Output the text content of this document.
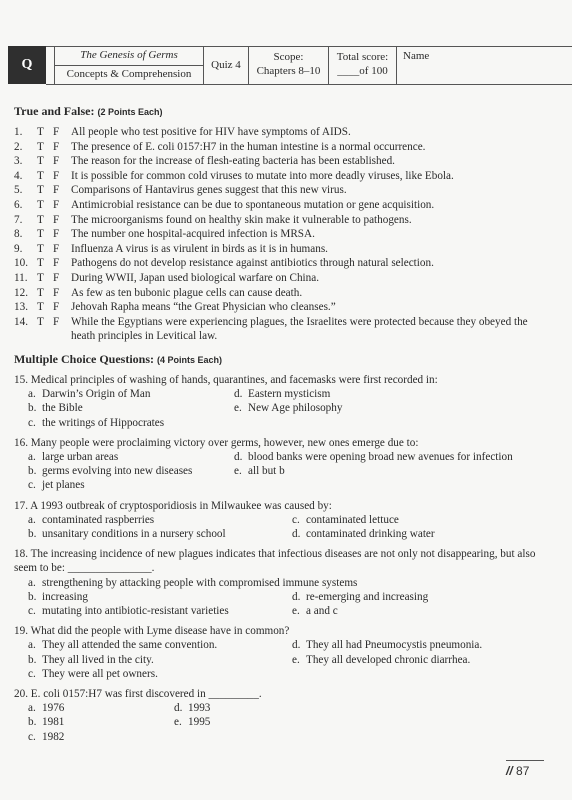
Q
The Genesis of Germs
Concepts & Comprehension
Quiz 4
Scope:
Chapters 8–10
Total score:
____of 100
Name
True and False: (2 Points Each)
1.	T F	All people who test positive for HIV have symptoms of AIDS.
2.	T F	The presence of E. coli 0157:H7 in the human intestine is a normal occurrence.
3.	T F	The reason for the increase of flesh-eating bacteria has been established.
4.	T F	It is possible for common cold viruses to mutate into more deadly viruses, like Ebola.
5.	T F	Comparisons of Hantavirus genes suggest that this new virus.
6.	T F	Antimicrobial resistance can be due to spontaneous mutation or gene acquisition.
7.	T F	The microorganisms found on healthy skin make it vulnerable to pathogens.
8.	T F	The number one hospital-acquired infection is MRSA.
9.	T F	Influenza A virus is as virulent in birds as it is in humans.
10. T F	Pathogens do not develop resistance against antibiotics through natural selection.
11. T F	During WWII, Japan used biological warfare on China.
12. T F	As few as ten bubonic plague cells can cause death.
13. T F	Jehovah Rapha means “the Great Physician who cleanses.”
14. T F	While the Egyptians were experiencing plagues, the Israelites were protected because they obeyed the heath principles in Levitical law.
Multiple Choice Questions: (4 Points Each)
15. Medical principles of washing of hands, quarantines, and facemasks were first recorded in:
a. Darwin’s Origin of Man	d. Eastern mysticism
b. the Bible	e. New Age philosophy
c. the writings of Hippocrates
16. Many people were proclaiming victory over germs, however, new ones emerge due to:
a. large urban areas	d. blood banks were opening broad new avenues for infection
b. germs evolving into new diseases	e. all but b
c. jet planes
17. A 1993 outbreak of cryptosporidiosis in Milwaukee was caused by:
a. contaminated raspberries	c. contaminated lettuce
b. unsanitary conditions in a nursery school	d. contaminated drinking water
18. The increasing incidence of new plagues indicates that infectious diseases are not only not disappearing, but also seem to be: _______________.
a. strengthening by attacking people with compromised immune systems
b. increasing	d. re-emerging and increasing
c. mutating into antibiotic-resistant varieties	e. a and c
19. What did the people with Lyme disease have in common?
a. They all attended the same convention.	d. They all had Pneumocystis pneumonia.
b. They all lived in the city.	e. They all developed chronic diarrhea.
c. They were all pet owners.
20. E. coli 0157:H7 was first discovered in _________.
a. 1976	d. 1993
b. 1981	e. 1995
c. 1982
// 87
